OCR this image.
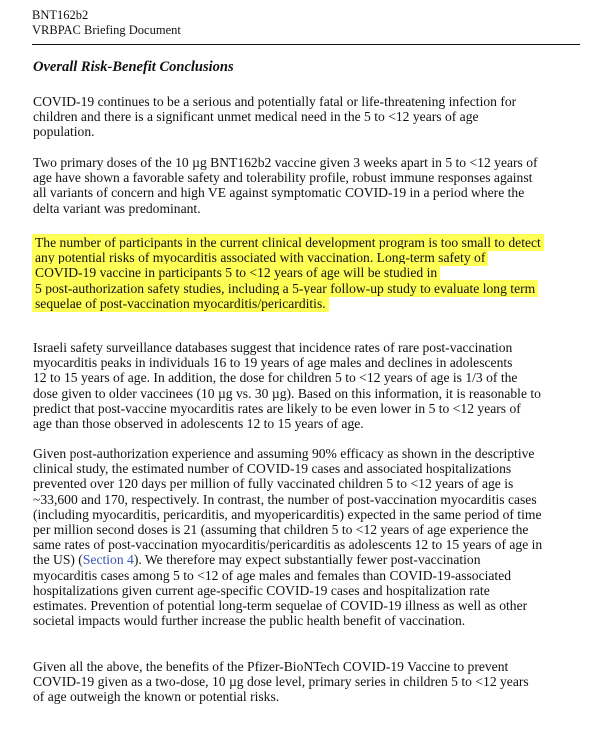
BNT162b2
VRBPAC Briefing Document
Overall Risk-Benefit Conclusions
COVID-19 continues to be a serious and potentially fatal or life-threatening infection for
children and there is a significant unmet medical need in the 5 to <12 years of age
population.
Two primary doses of the 10 µg BNT162b2 vaccine given 3 weeks apart in 5 to <12 years of
age have shown a favorable safety and tolerability profile, robust immune responses against
all variants of concern and high VE against symptomatic COVID-19 in a period where the
delta variant was predominant.
The number of participants in the current clinical development program is too small to detect
any potential risks of myocarditis associated with vaccination. Long-term safety of
COVID-19 vaccine in participants 5 to <12 years of age will be studied in
5 post-authorization safety studies, including a 5-year follow-up study to evaluate long term
sequelae of post-vaccination myocarditis/pericarditis.
Israeli safety surveillance databases suggest that incidence rates of rare post-vaccination
myocarditis peaks in individuals 16 to 19 years of age males and declines in adolescents
12 to 15 years of age. In addition, the dose for children 5 to <12 years of age is 1/3 of the
dose given to older vaccinees (10 µg vs. 30 µg). Based on this information, it is reasonable to
predict that post-vaccine myocarditis rates are likely to be even lower in 5 to <12 years of
age than those observed in adolescents 12 to 15 years of age.
Given post-authorization experience and assuming 90% efficacy as shown in the descriptive
clinical study, the estimated number of COVID-19 cases and associated hospitalizations
prevented over 120 days per million of fully vaccinated children 5 to <12 years of age is
~33,600 and 170, respectively. In contrast, the number of post-vaccination myocarditis cases
(including myocarditis, pericarditis, and myopericarditis) expected in the same period of time
per million second doses is 21 (assuming that children 5 to <12 years of age experience the
same rates of post-vaccination myocarditis/pericarditis as adolescents 12 to 15 years of age in
the US) (Section 4). We therefore may expect substantially fewer post-vaccination
myocarditis cases among 5 to <12 of age males and females than COVID-19-associated
hospitalizations given current age-specific COVID-19 cases and hospitalization rate
estimates. Prevention of potential long-term sequelae of COVID-19 illness as well as other
societal impacts would further increase the public health benefit of vaccination.
Given all the above, the benefits of the Pfizer-BioNTech COVID-19 Vaccine to prevent
COVID-19 given as a two-dose, 10 µg dose level, primary series in children 5 to <12 years
of age outweigh the known or potential risks.
